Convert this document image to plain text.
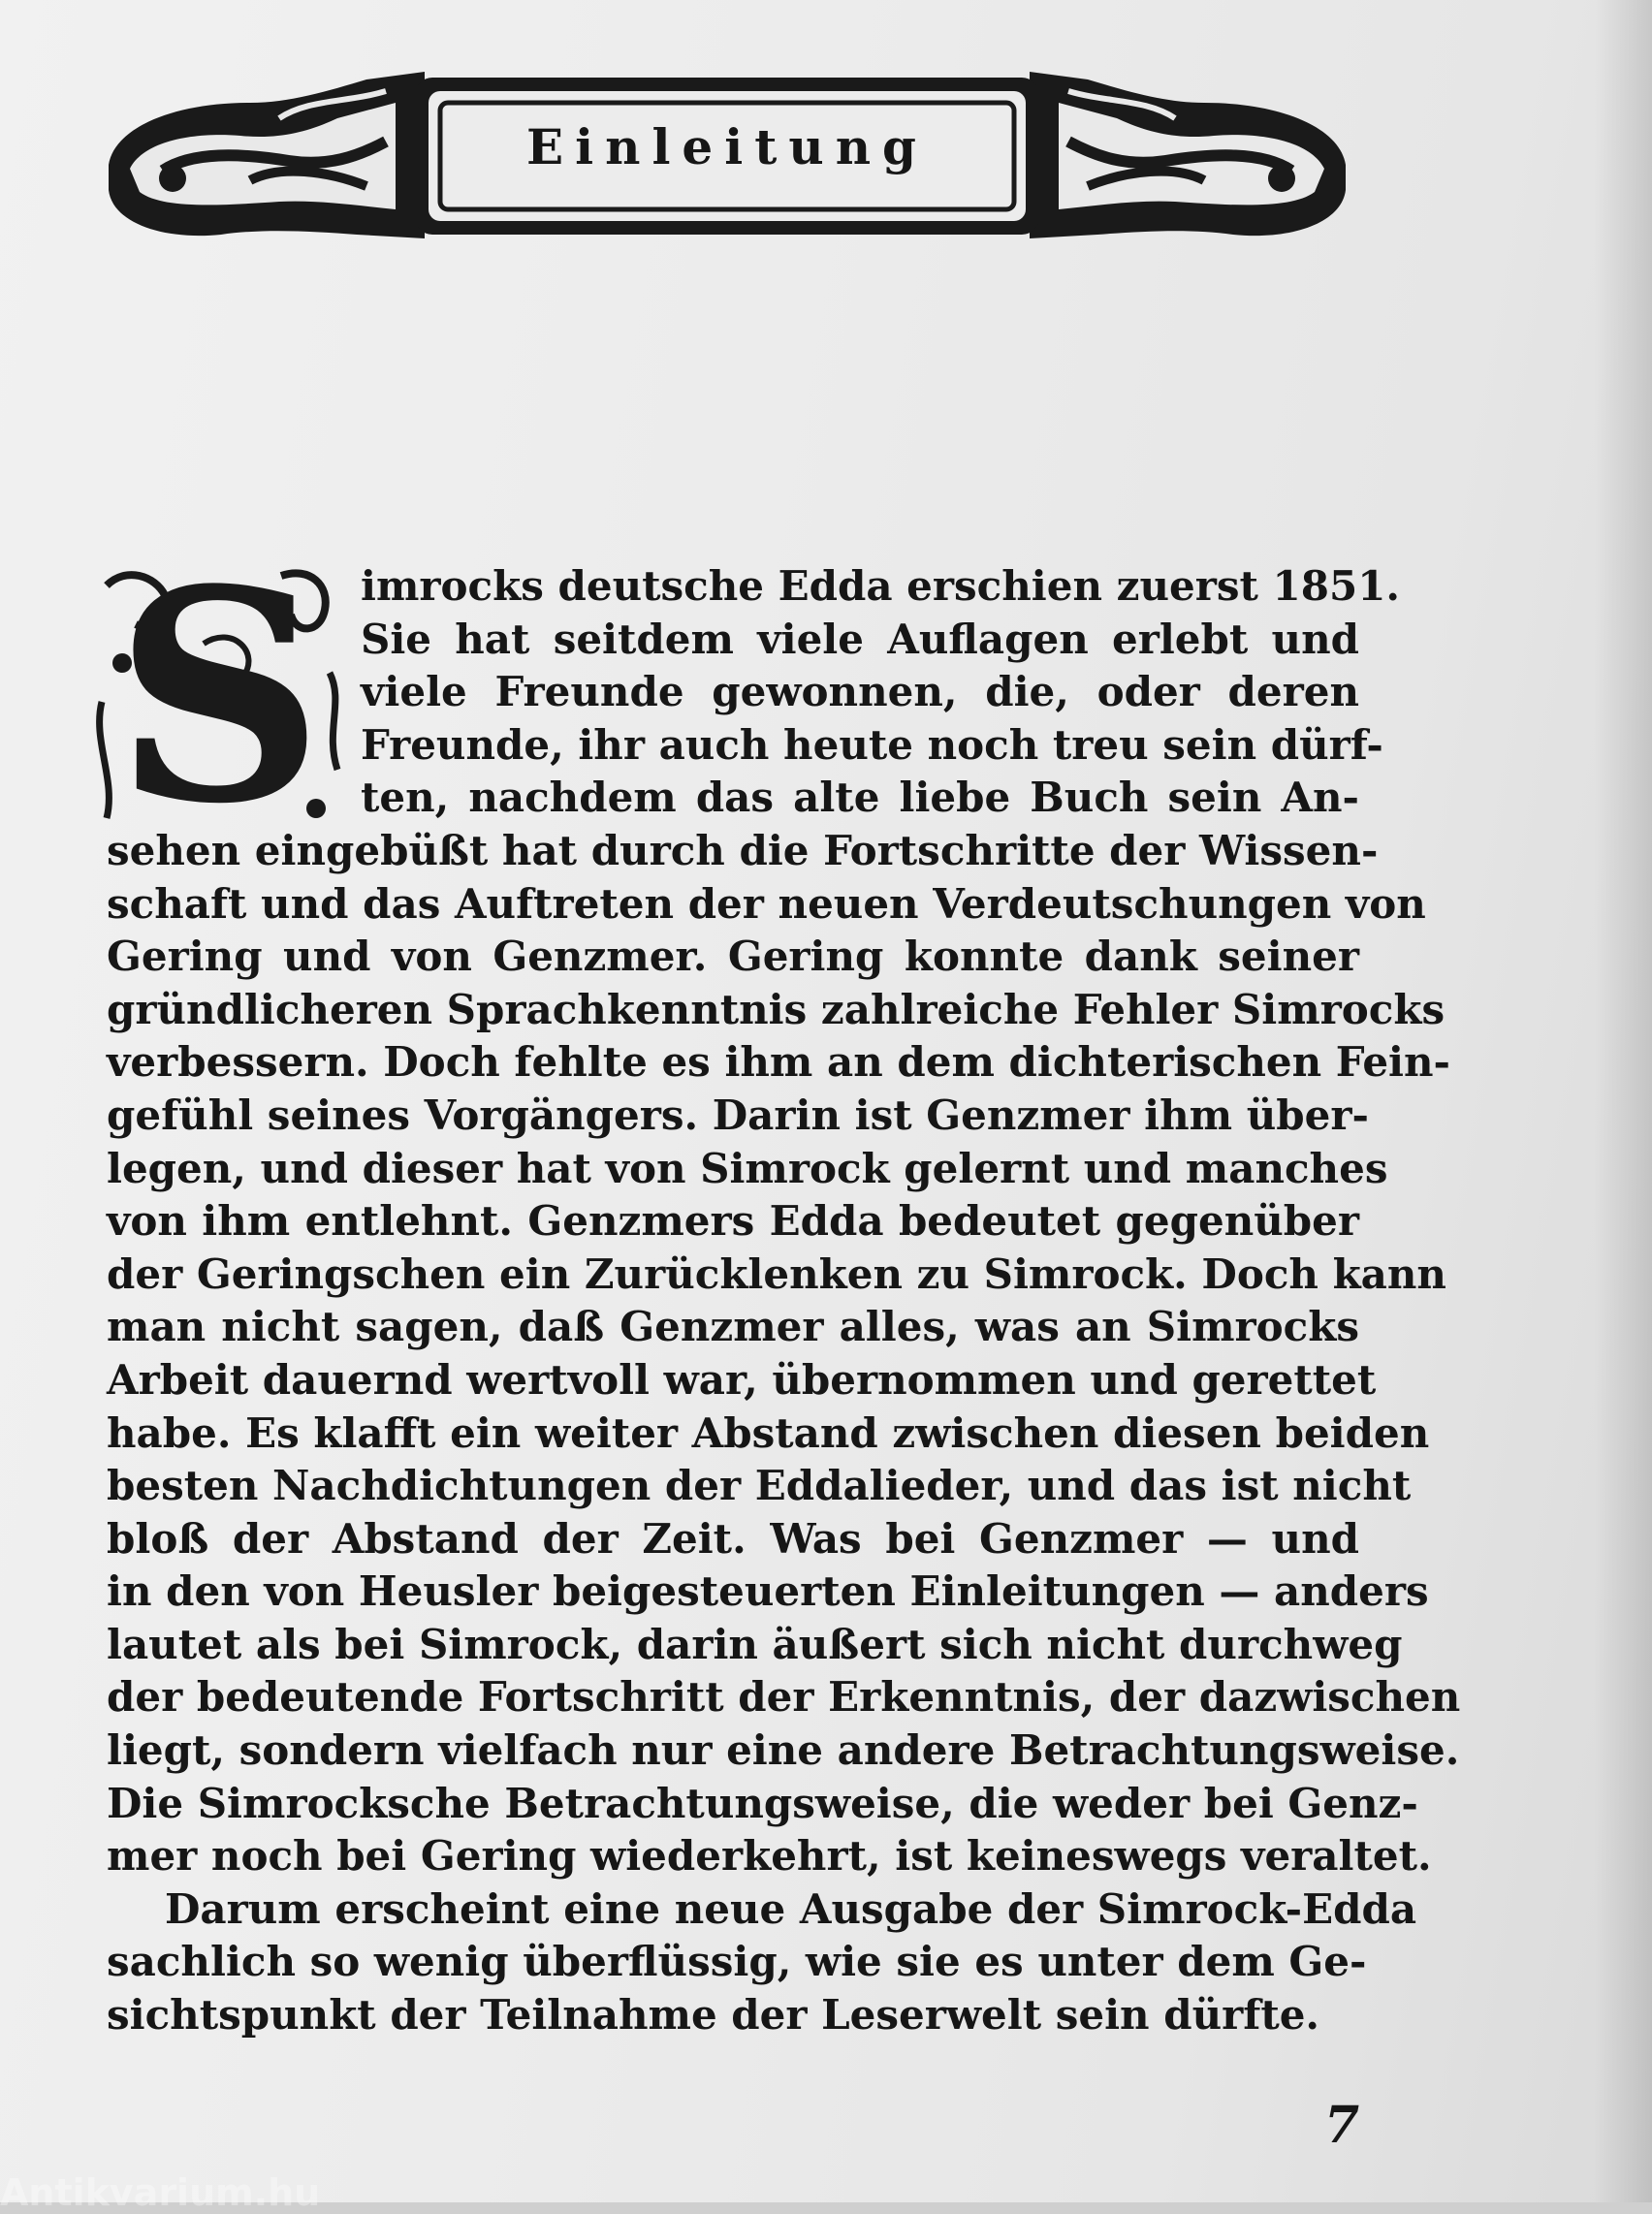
Einleitung
S imrocks deutsche Edda erschien zuerst 1851.
Sie hat seitdem viele Auflagen erlebt und
viele Freunde gewonnen, die, oder deren
Freunde, ihr auch heute noch treu sein dürf-
ten, nachdem das alte liebe Buch sein An-
sehen eingebüßt hat durch die Fortschritte der Wissen-
schaft und das Auftreten der neuen Verdeutschungen von
Gering und von Genzmer. Gering konnte dank seiner
gründlicheren Sprachkenntnis zahlreiche Fehler Simrocks
verbessern. Doch fehlte es ihm an dem dichterischen Fein-
gefühl seines Vorgängers. Darin ist Genzmer ihm über-
legen, und dieser hat von Simrock gelernt und manches
von ihm entlehnt. Genzmers Edda bedeutet gegenüber
der Geringschen ein Zurücklenken zu Simrock. Doch kann
man nicht sagen, daß Genzmer alles, was an Simrocks
Arbeit dauernd wertvoll war, übernommen und gerettet
habe. Es klafft ein weiter Abstand zwischen diesen beiden
besten Nachdichtungen der Eddalieder, und das ist nicht
bloß der Abstand der Zeit. Was bei Genzmer — und
in den von Heusler beigesteuerten Einleitungen — anders
lautet als bei Simrock, darin äußert sich nicht durchweg
der bedeutende Fortschritt der Erkenntnis, der dazwischen
liegt, sondern vielfach nur eine andere Betrachtungsweise.
Die Simrocksche Betrachtungsweise, die weder bei Genz-
mer noch bei Gering wiederkehrt, ist keineswegs veraltet.
Darum erscheint eine neue Ausgabe der Simrock-Edda
sachlich so wenig überflüssig, wie sie es unter dem Ge-
sichtspunkt der Teilnahme der Leserwelt sein dürfte.
7
Antikvarium.hu
